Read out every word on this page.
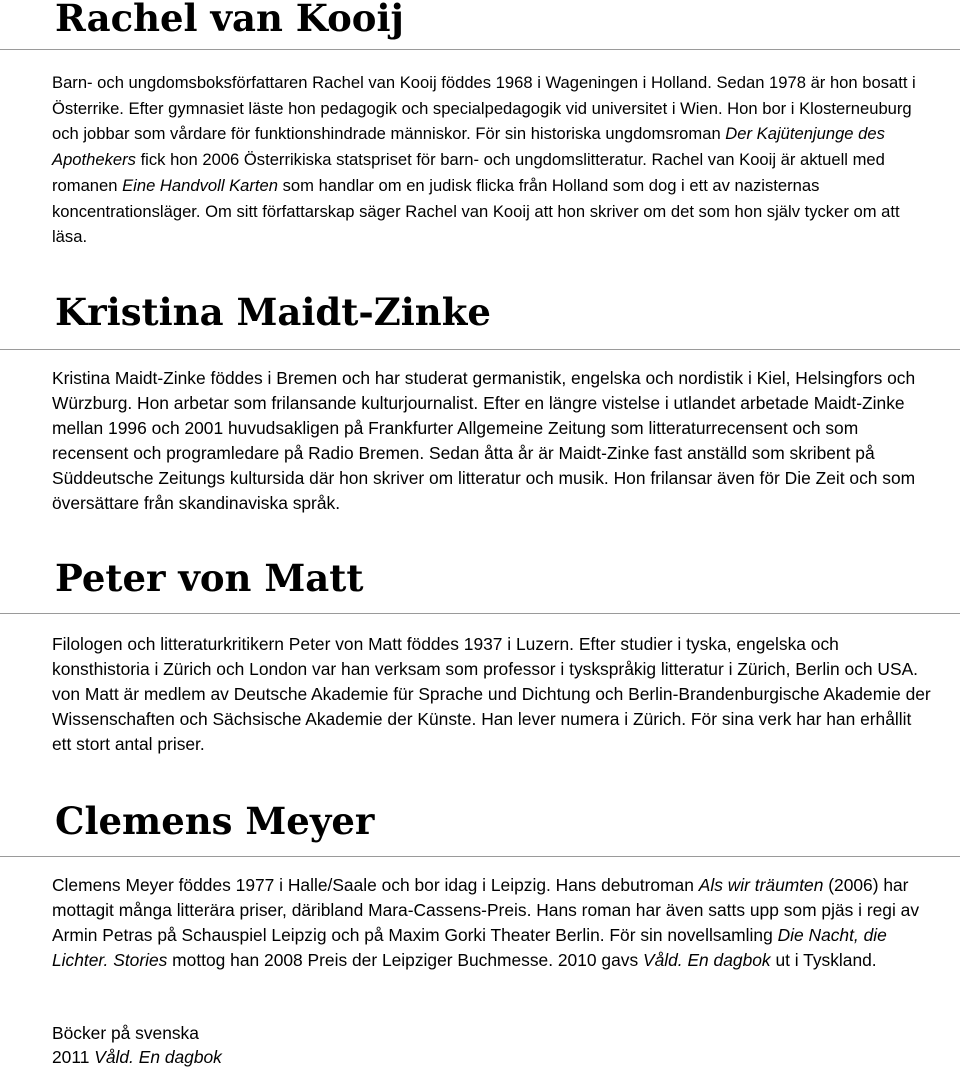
Rachel van Kooij

Barn- och ungdomsboksförfattaren Rachel van Kooij föddes 1968 i Wageningen i Holland. Sedan 1978 är hon bosatt i Österrike. Efter gymnasiet läste hon pedagogik och specialpedagogik vid universitet i Wien. Hon bor i Klosterneuburg och jobbar som vårdare för funktionshindrade människor. För sin historiska ungdomsroman Der Kajütenjunge des Apothekers fick hon 2006 Österrikiska statspriset för barn- och ungdomslitteratur. Rachel van Kooij är aktuell med romanen Eine Handvoll Karten som handlar om en judisk flicka från Holland som dog i ett av nazisternas koncentrationsläger. Om sitt författarskap säger Rachel van Kooij att hon skriver om det som hon själv tycker om att läsa.

Kristina Maidt-Zinke

Kristina Maidt-Zinke föddes i Bremen och har studerat germanistik, engelska och nordistik i Kiel, Helsingfors och Würzburg. Hon arbetar som frilansande kulturjournalist. Efter en längre vistelse i utlandet arbetade Maidt-Zinke mellan 1996 och 2001 huvudsakligen på Frankfurter Allgemeine Zeitung som litteraturrecensent och som recensent och programledare på Radio Bremen. Sedan åtta år är Maidt-Zinke fast anställd som skribent på Süddeutsche Zeitungs kultursida där hon skriver om litteratur och musik. Hon frilansar även för Die Zeit och som översättare från skandinaviska språk.

Peter von Matt

Filologen och litteraturkritikern Peter von Matt föddes 1937 i Luzern. Efter studier i tyska, engelska och konsthistoria i Zürich och London var han verksam som professor i tyskspråkig litteratur i Zürich, Berlin och USA. von Matt är medlem av Deutsche Akademie für Sprache und Dichtung och Berlin-Brandenburgische Akademie der Wissenschaften och Sächsische Akademie der Künste. Han lever numera i Zürich. För sina verk har han erhållit ett stort antal priser.

Clemens Meyer

Clemens Meyer föddes 1977 i Halle/Saale och bor idag i Leipzig. Hans debutroman Als wir träumten (2006) har mottagit många litterära priser, däribland Mara-Cassens-Preis. Hans roman har även satts upp som pjäs i regi av Armin Petras på Schauspiel Leipzig och på Maxim Gorki Theater Berlin. För sin novellsamling Die Nacht, die Lichter. Stories mottog han 2008 Preis der Leipziger Buchmesse. 2010 gavs Våld. En dagbok ut i Tyskland.

Böcker på svenska
2011 Våld. En dagbok
